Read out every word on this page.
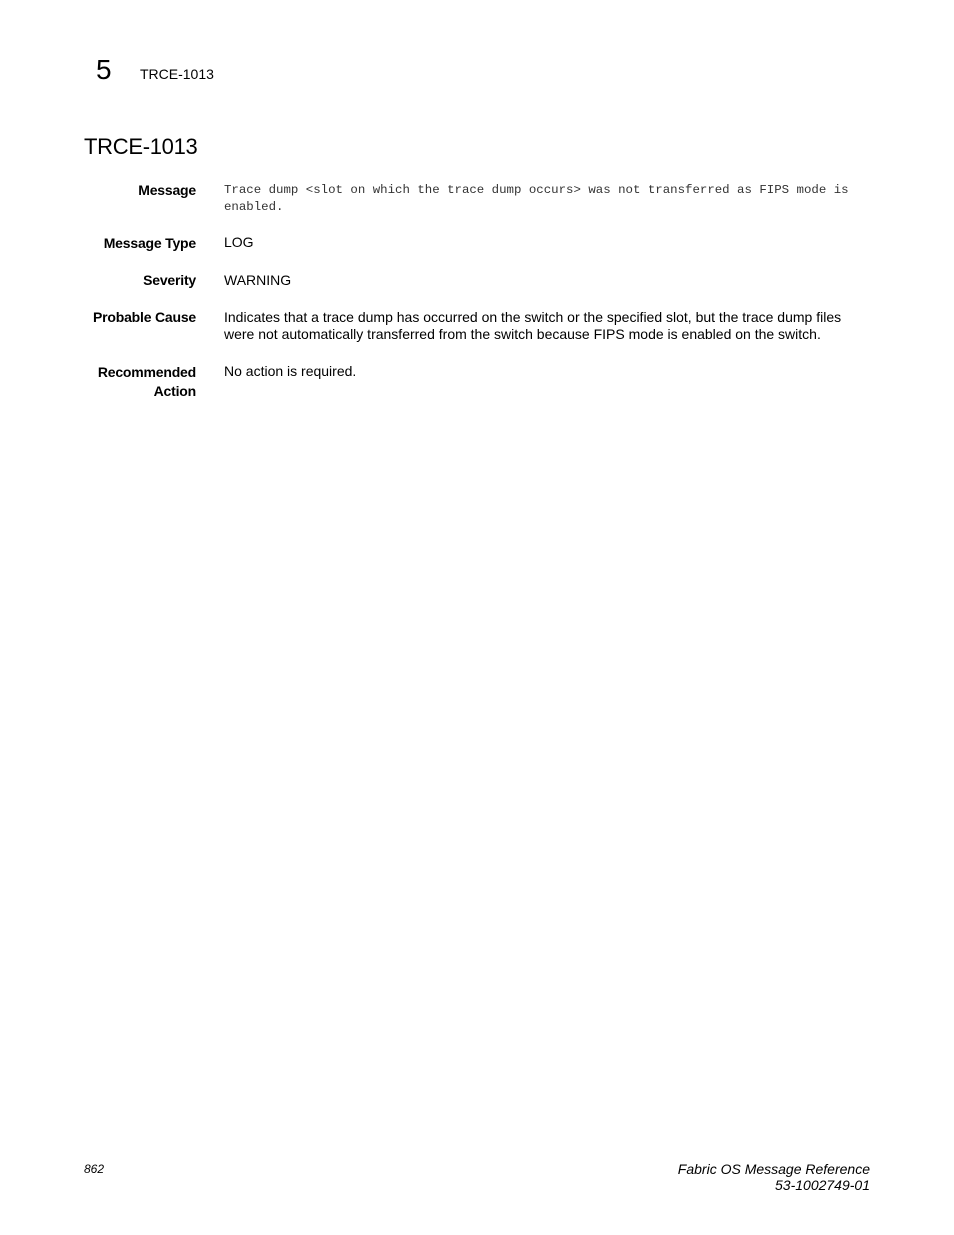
5 TRCE-1013
TRCE-1013
Message Trace dump <slot on which the trace dump occurs> was not transferred as FIPS mode is enabled.
Message Type LOG
Severity WARNING
Probable Cause Indicates that a trace dump has occurred on the switch or the specified slot, but the trace dump files were not automatically transferred from the switch because FIPS mode is enabled on the switch.
Recommended
Action
No action is required.
862	Fabric OS Message Reference
53-1002749-01
